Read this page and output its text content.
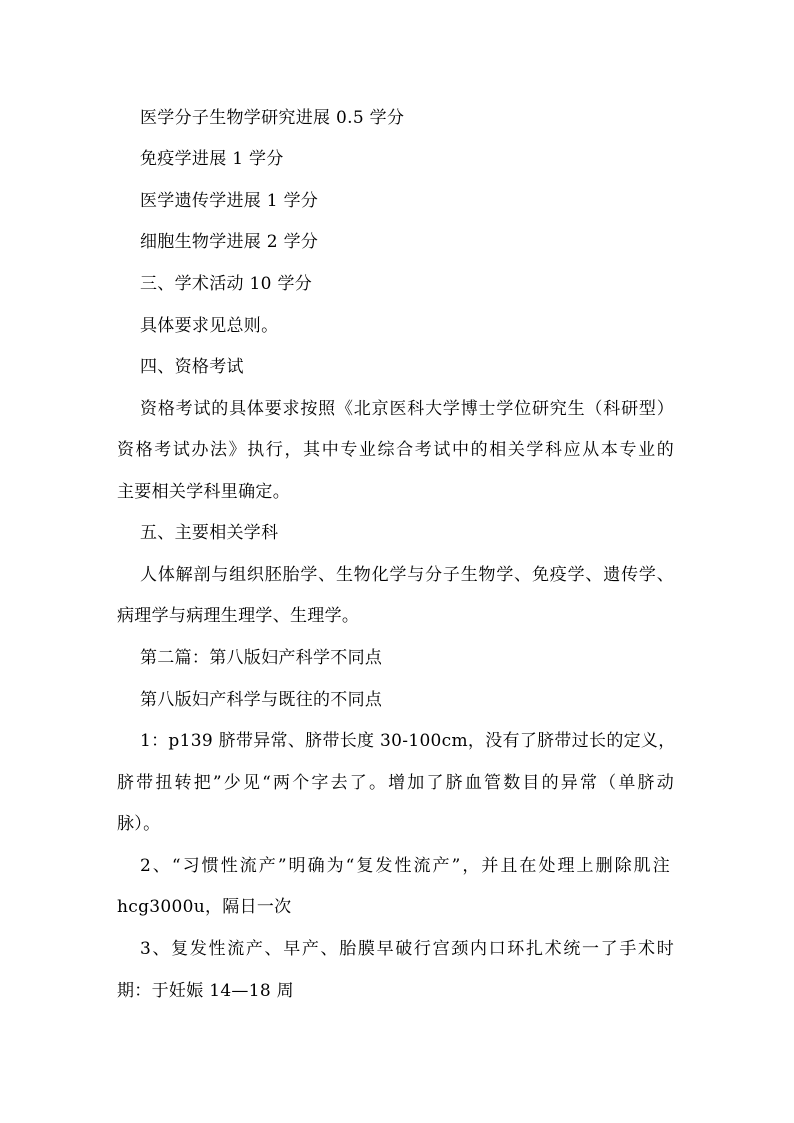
医学分子生物学研究进展 0.5 学分
免疫学进展 1 学分
医学遗传学进展 1 学分
细胞生物学进展 2 学分
三、学术活动 10 学分
具体要求见总则。
四、资格考试
资格考试的具体要求按照《北京医科大学博士学位研究生（科研型）
资格考试办法》执行，其中专业综合考试中的相关学科应从本专业的
主要相关学科里确定。
五、主要相关学科
人体解剖与组织胚胎学、生物化学与分子生物学、免疫学、遗传学、
病理学与病理生理学、生理学。
第二篇：第八版妇产科学不同点
第八版妇产科学与既往的不同点
1：p139 脐带异常、脐带长度 30-100cm，没有了脐带过长的定义，
脐带扭转把”少见“两个字去了。增加了脐血管数目的异常（单脐动
脉）。
2、“习惯性流产”明确为“复发性流产”，并且在处理上删除肌注
hcg3000u，隔日一次
3、复发性流产、早产、胎膜早破行宫颈内口环扎术统一了手术时
期：于妊娠 14—18 周
